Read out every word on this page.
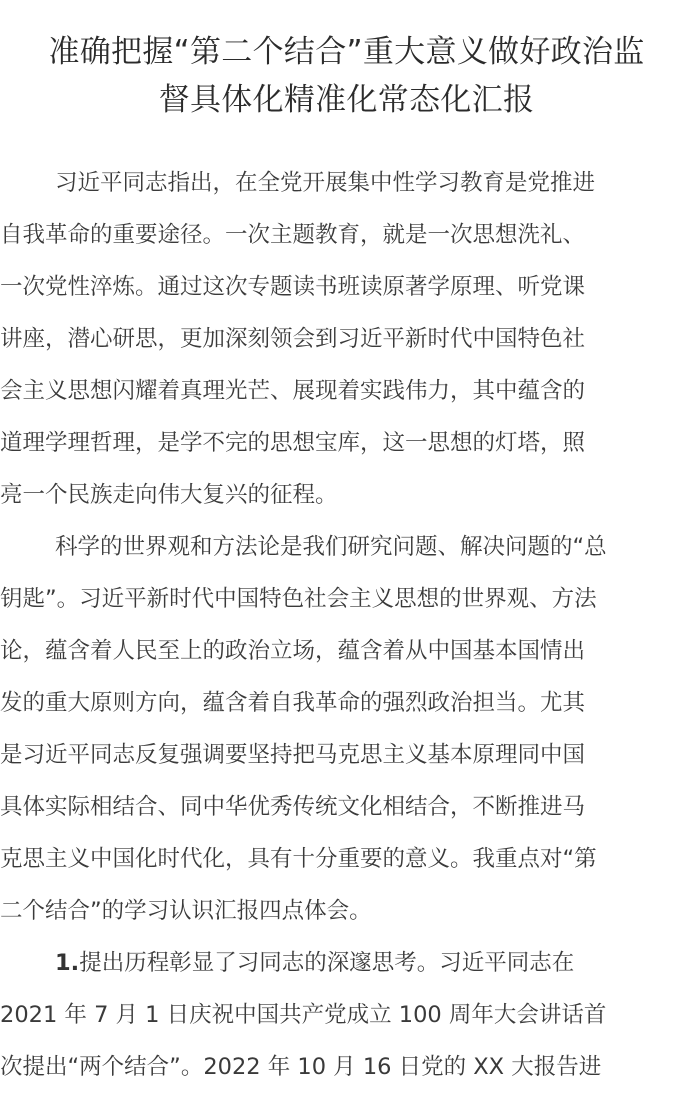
准确把握“第二个结合”重大意义做好政治监
督具体化精准化常态化汇报
习近平同志指出，在全党开展集中性学习教育是党推进
自我革命的重要途径。一次主题教育，就是一次思想洗礼、
一次党性淬炼。通过这次专题读书班读原著学原理、听党课
讲座，潜心研思，更加深刻领会到习近平新时代中国特色社
会主义思想闪耀着真理光芒、展现着实践伟力，其中蕴含的
道理学理哲理，是学不完的思想宝库，这一思想的灯塔，照
亮一个民族走向伟大复兴的征程。
科学的世界观和方法论是我们研究问题、解决问题的“总
钥匙”。习近平新时代中国特色社会主义思想的世界观、方法
论，蕴含着人民至上的政治立场，蕴含着从中国基本国情出
发的重大原则方向，蕴含着自我革命的强烈政治担当。尤其
是习近平同志反复强调要坚持把马克思主义基本原理同中国
具体实际相结合、同中华优秀传统文化相结合，不断推进马
克思主义中国化时代化，具有十分重要的意义。我重点对“第
二个结合”的学习认识汇报四点体会。
1.提出历程彰显了习同志的深邃思考。习近平同志在
2021 年 7 月 1 日庆祝中国共产党成立 100 周年大会讲话首
次提出“两个结合”。2022 年 10 月 16 日党的 XX 大报告进
